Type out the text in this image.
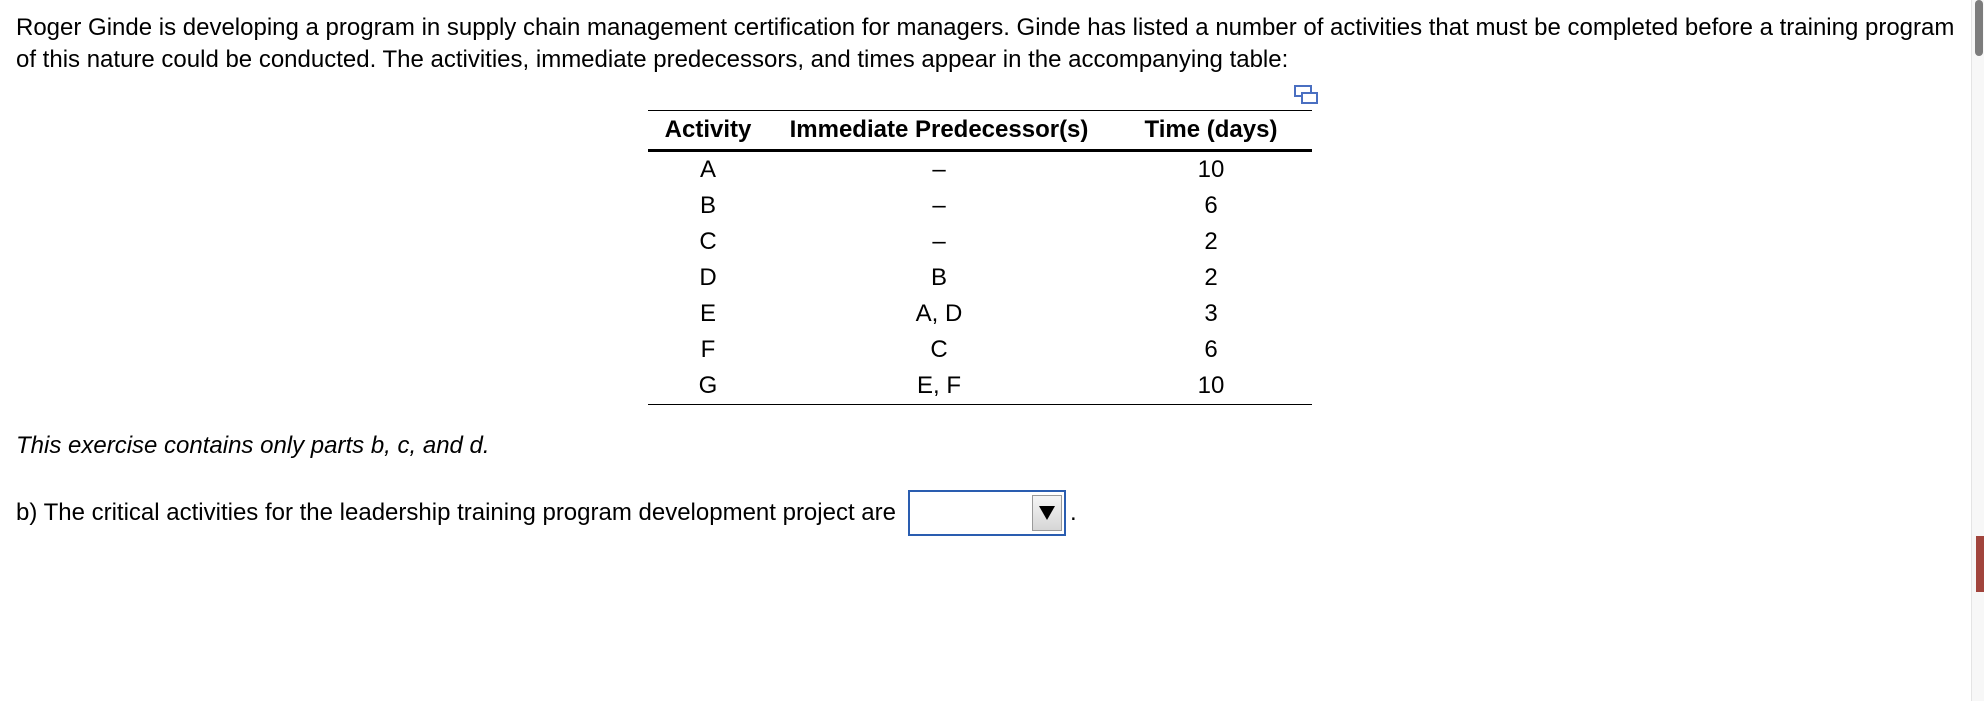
Roger Ginde is developing a program in supply chain management certification for managers. Ginde has listed a number of activities that must be completed before a training program of this nature could be conducted. The activities, immediate predecessors, and times appear in the accompanying table:

Activity	Immediate Predecessor(s)	Time (days)
A	–	10
B	–	6
C	–	2
D	B	2
E	A, D	3
F	C	6
G	E, F	10

This exercise contains only parts b, c, and d.

b) The critical activities for the leadership training program development project are	.
